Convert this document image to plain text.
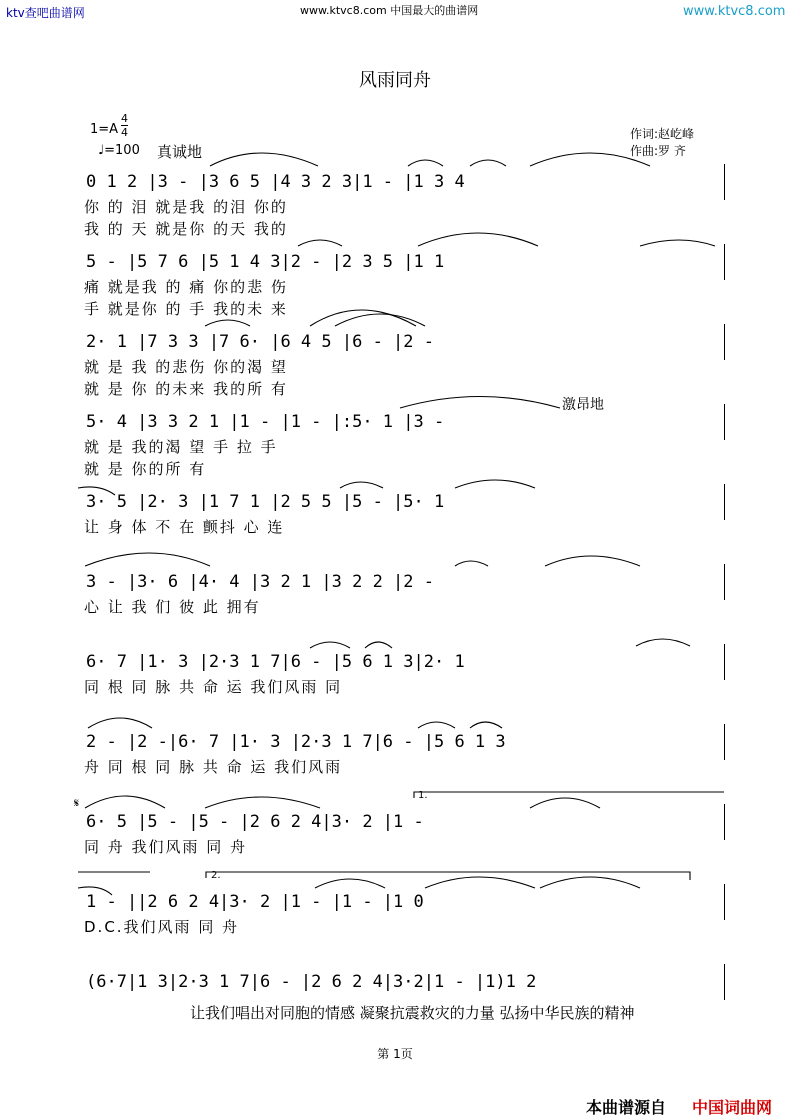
ktv查吧曲谱网	www.ktvc8.com 中国最大的曲谱网	www.ktvc8.com
风雨同舟
1=A
4
4
♩=100 真诚地
作词:赵屹峰
作曲:罗 齐
0 1 2 |3 - |3 6 5 |4 3 2 3|1 - |1 3 4
你 的 泪 就是我 的泪 你的
我 的 天 就是你 的天 我的
5 - |5 7 6 |5 1 4 3|2 - |2 3 5 |1 1
痛 就是我 的 痛 你的悲 伤
手 就是你 的 手 我的未 来
2· 1 |7 3 3 |7 6· |6 4 5 |6 - |2 -
就 是 我 的悲伤 你的渴 望
就 是 你 的未来 我的所 有
5· 4 |3 3 2 1 |1 - |1 - |:5· 1 |3 -
就 是 我的渴 望 手 拉 手
就 是 你的所 有
3· 5 |2· 3 |1 7 1 |2 5 5 |5 - |5· 1
让 身 体 不 在 颤抖 心 连
3 - |3· 6 |4· 4 |3 2 1 |3 2 2 |2 -
心 让 我 们 彼 此 拥有
6· 7 |1· 3 |2·3 1 7|6 - |5 6 1 3|2· 1
同 根 同 脉 共 命 运 我们风雨 同
2 - |2 -|6· 7 |1· 3 |2·3 1 7|6 - |5 6 1 3
舟 同 根 同 脉 共 命 运 我们风雨
6· 5 |5 - |5 - |2 6 2 4|3· 2 |1 -
同 舟 我们风雨 同 舟
1 - ||2 6 2 4|3· 2 |1 - |1 - |1 0
D.C.我们风雨 同 舟
(6·7|1 3|2·3 1 7|6 - |2 6 2 4|3·2|1 - |1)1 2
让我们唱出对同胞的情感 凝聚抗震救灾的力量 弘扬中华民族的精神
激昂地
1.
2.
𝄋
第 1页
本曲谱源自 中国词曲网
